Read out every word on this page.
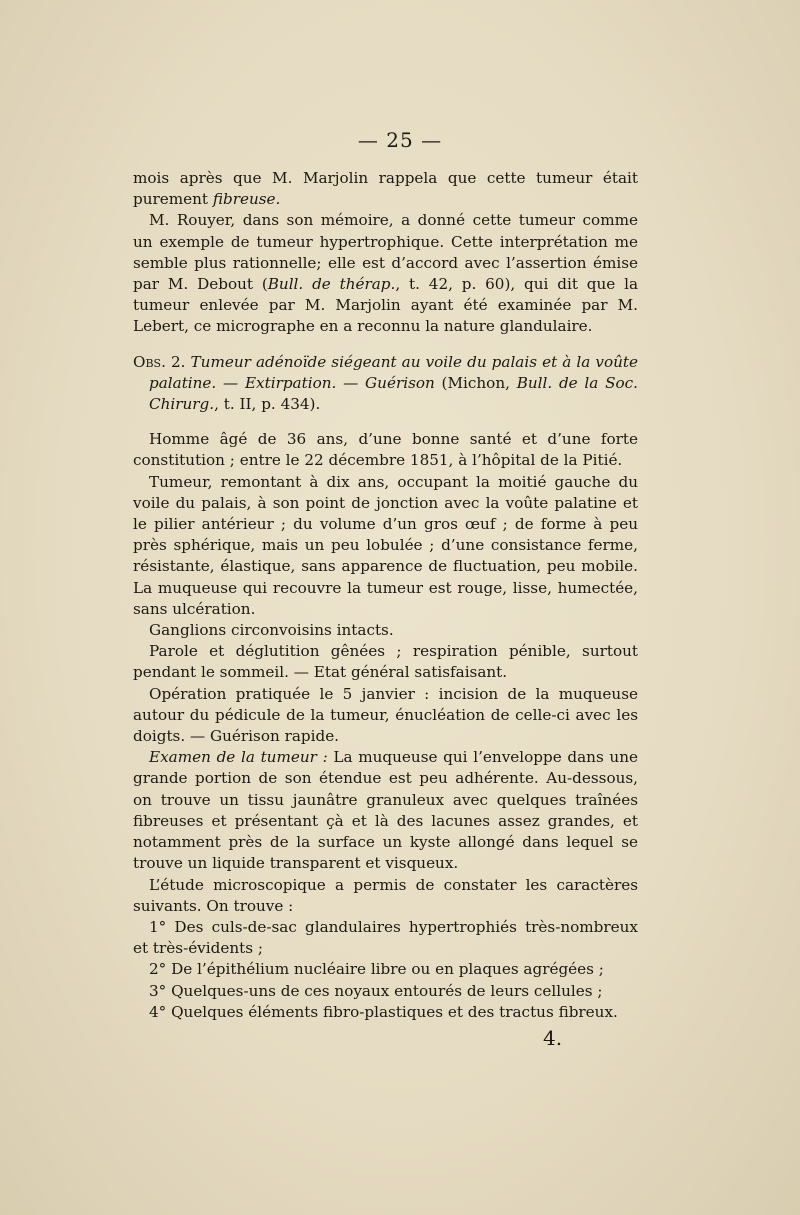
— 25 —

mois après que M. Marjolin rappela que cette tumeur était purement fibreuse.

M. Rouyer, dans son mémoire, a donné cette tumeur comme un exemple de tumeur hypertrophique. Cette interprétation me semble plus rationnelle; elle est d’accord avec l’assertion émise par M. Debout (Bull. de thérap., t. 42, p. 60), qui dit que la tumeur enlevée par M. Marjolin ayant été examinée par M. Lebert, ce micrographe en a reconnu la nature glandulaire.

Obs. 2. Tumeur adénoïde siégeant au voile du palais et à la voûte palatine. — Extirpation. — Guérison (Michon, Bull. de la Soc. Chirurg., t. II, p. 434).

Homme âgé de 36 ans, d’une bonne santé et d’une forte constitution ; entre le 22 décembre 1851, à l’hôpital de la Pitié.

Tumeur, remontant à dix ans, occupant la moitié gauche du voile du palais, à son point de jonction avec la voûte palatine et le pilier antérieur ; du volume d’un gros œuf ; de forme à peu près sphérique, mais un peu lobulée ; d’une consistance ferme, résistante, élastique, sans apparence de fluctuation, peu mobile. La muqueuse qui recouvre la tumeur est rouge, lisse, humectée, sans ulcération.

Ganglions circonvoisins intacts.

Parole et déglutition gênées ; respiration pénible, surtout pendant le sommeil. — Etat général satisfaisant.

Opération pratiquée le 5 janvier : incision de la muqueuse autour du pédicule de la tumeur, énucléation de celle-ci avec les doigts. — Guérison rapide.

Examen de la tumeur : La muqueuse qui l’enveloppe dans une grande portion de son étendue est peu adhérente. Au-dessous, on trouve un tissu jaunâtre granuleux avec quelques traînées fibreuses et présentant çà et là des lacunes assez grandes, et notamment près de la surface un kyste allongé dans lequel se trouve un liquide transparent et visqueux.

L’étude microscopique a permis de constater les caractères suivants. On trouve :

1° Des culs-de-sac glandulaires hypertrophiés très-nombreux et très-évidents ;

2° De l’épithélium nucléaire libre ou en plaques agrégées ;

3° Quelques-uns de ces noyaux entourés de leurs cellules ;

4° Quelques éléments fibro-plastiques et des tractus fibreux.

4.
